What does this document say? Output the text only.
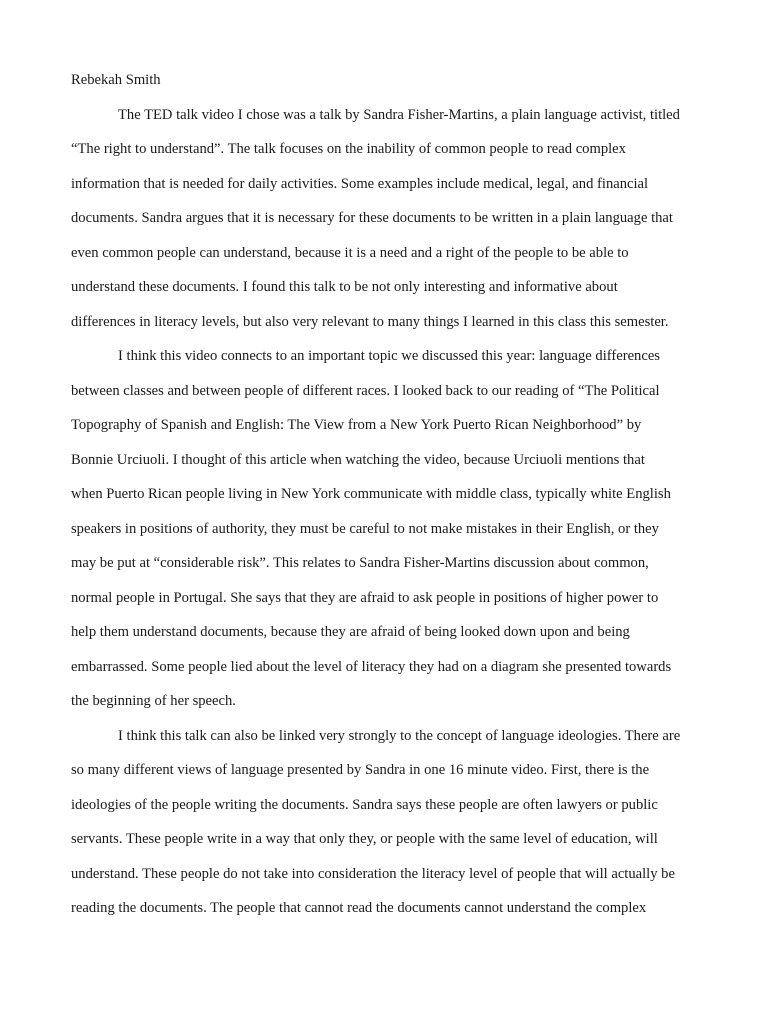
Rebekah Smith
The TED talk video I chose was a talk by Sandra Fisher-Martins, a plain language activist, titled
“The right to understand”. The talk focuses on the inability of common people to read complex
information that is needed for daily activities. Some examples include medical, legal, and financial
documents. Sandra argues that it is necessary for these documents to be written in a plain language that
even common people can understand, because it is a need and a right of the people to be able to
understand these documents. I found this talk to be not only interesting and informative about
differences in literacy levels, but also very relevant to many things I learned in this class this semester.
I think this video connects to an important topic we discussed this year: language differences
between classes and between people of different races. I looked back to our reading of “The Political
Topography of Spanish and English: The View from a New York Puerto Rican Neighborhood” by
Bonnie Urciuoli. I thought of this article when watching the video, because Urciuoli mentions that
when Puerto Rican people living in New York communicate with middle class, typically white English
speakers in positions of authority, they must be careful to not make mistakes in their English, or they
may be put at “considerable risk”. This relates to Sandra Fisher-Martins discussion about common,
normal people in Portugal. She says that they are afraid to ask people in positions of higher power to
help them understand documents, because they are afraid of being looked down upon and being
embarrassed. Some people lied about the level of literacy they had on a diagram she presented towards
the beginning of her speech.
I think this talk can also be linked very strongly to the concept of language ideologies. There are
so many different views of language presented by Sandra in one 16 minute video. First, there is the
ideologies of the people writing the documents. Sandra says these people are often lawyers or public
servants. These people write in a way that only they, or people with the same level of education, will
understand. These people do not take into consideration the literacy level of people that will actually be
reading the documents. The people that cannot read the documents cannot understand the complex
